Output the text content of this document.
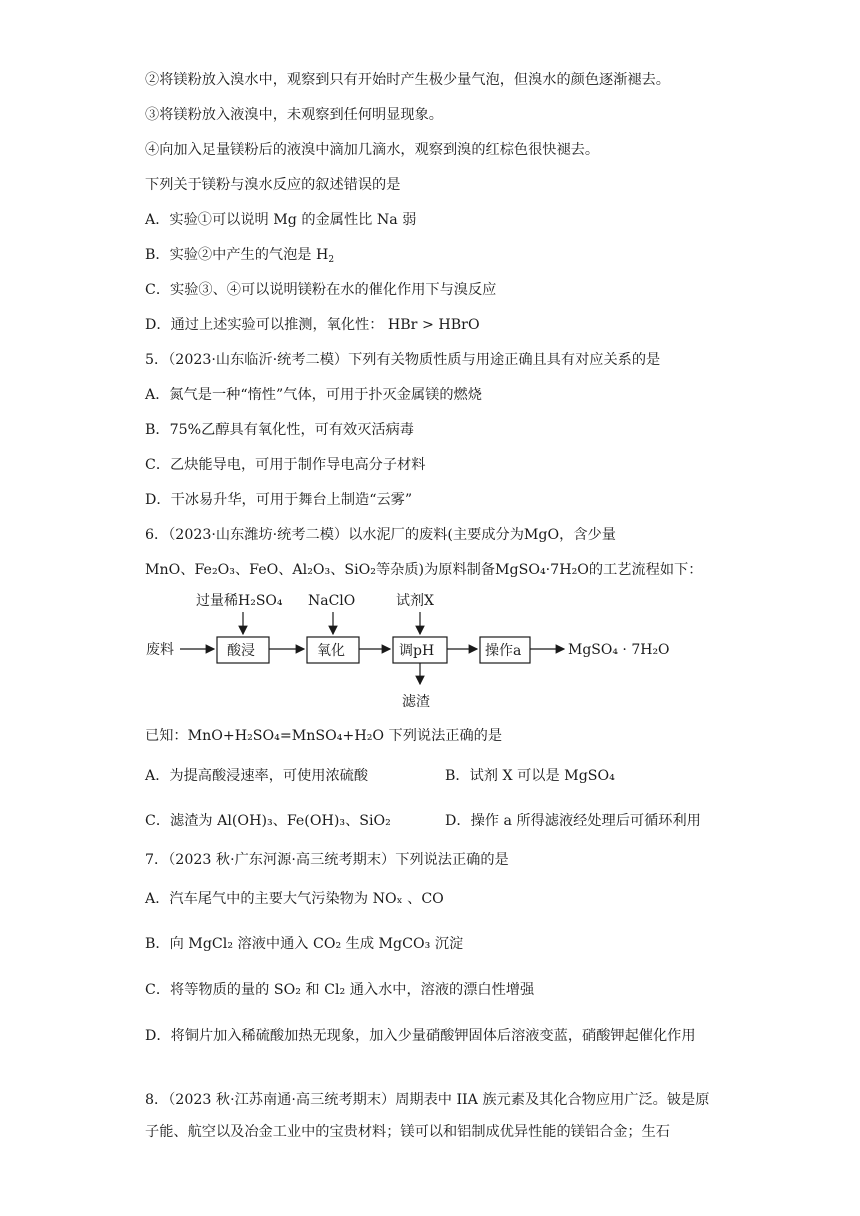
②将镁粉放入溴水中，观察到只有开始时产生极少量气泡，但溴水的颜色逐渐褪去。
③将镁粉放入液溴中，未观察到任何明显现象。
④向加入足量镁粉后的液溴中滴加几滴水，观察到溴的红棕色很快褪去。
下列关于镁粉与溴水反应的叙述错误的是
A．实验①可以说明 Mg 的金属性比 Na 弱
B．实验②中产生的气泡是 $H_2$
C．实验③、④可以说明镁粉在水的催化作用下与溴反应
D．通过上述实验可以推测，氧化性： HBr > HBrO
5．（2023·山东临沂·统考二模）下列有关物质性质与用途正确且具有对应关系的是
A．氮气是一种“惰性”气体，可用于扑灭金属镁的燃烧
B．75%乙醇具有氧化性，可有效灭活病毒
C．乙炔能导电，可用于制作导电高分子材料
D．干冰易升华，可用于舞台上制造“云雾”
6．（2023·山东潍坊·统考二模）以水泥厂的废料(主要成分为MgO，含少量
MnO、Fe₂O₃、FeO、Al₂O₃、SiO₂等杂质)为原料制备MgSO₄·7H₂O的工艺流程如下：
废料	酸浸	氧化	调pH	操作a	MgSO₄ · 7H₂O
过量稀H₂SO₄ NaClO	试剂X
滤渣
已知：MnO+H₂SO₄=MnSO₄+H₂O 下列说法正确的是
A．为提高酸浸速率，可使用浓硫酸	B．试剂 X 可以是 MgSO₄
C．滤渣为 Al(OH)₃、Fe(OH)₃、SiO₂	D．操作 a 所得滤液经处理后可循环利用
7．（2023 秋·广东河源·高三统考期末）下列说法正确的是
A．汽车尾气中的主要大气污染物为 NOₓ 、CO
B．向 MgCl₂ 溶液中通入 CO₂ 生成 MgCO₃ 沉淀
C．将等物质的量的 SO₂ 和 Cl₂ 通入水中，溶液的漂白性增强
D．将铜片加入稀硫酸加热无现象，加入少量硝酸钾固体后溶液变蓝，硝酸钾起催化作用
8．（2023 秋·江苏南通·高三统考期末）周期表中 IIA 族元素及其化合物应用广泛。铍是原子能、航空以及冶金工业中的宝贵材料；镁可以和铝制成优异性能的镁铝合金；生石
